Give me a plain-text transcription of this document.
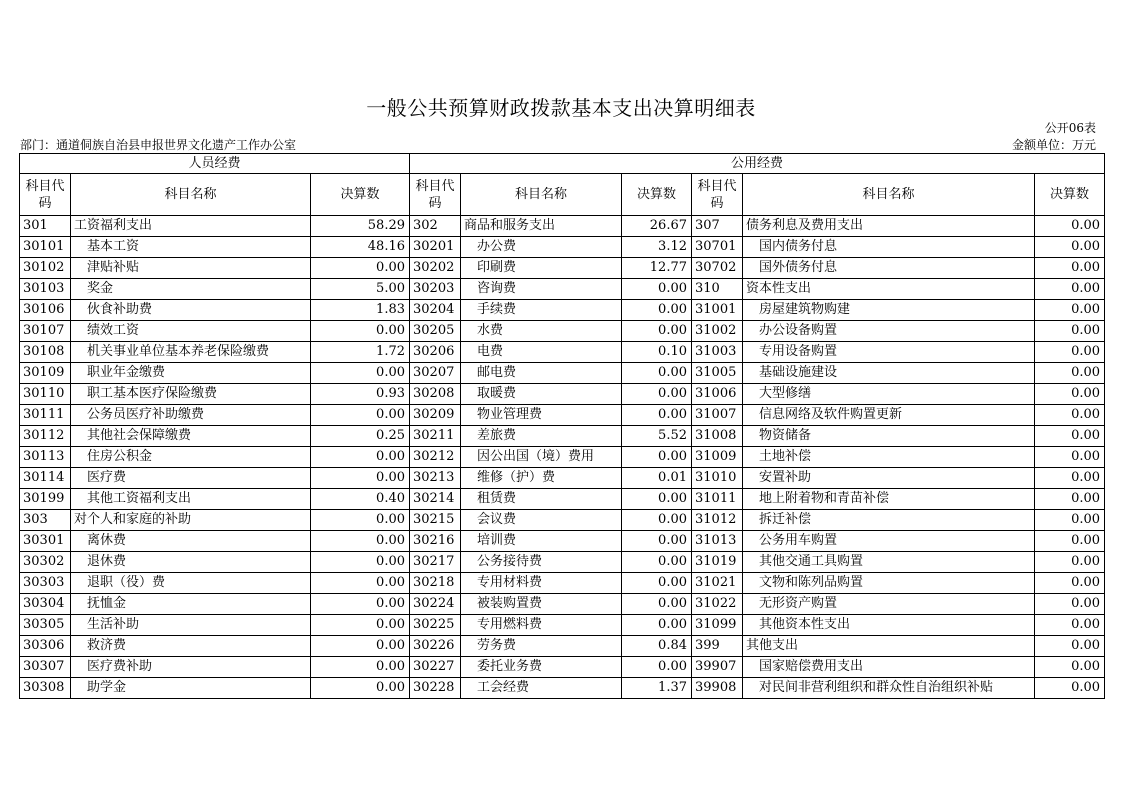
一般公共预算财政拨款基本支出决算明细表
公开06表
部门：通道侗族自治县申报世界文化遗产工作办公室	金额单位：万元
人员经费			公用经费					
科目代码	科目名称	决算数	科目代码	科目名称	决算数	科目代码	科目名称	决算数
301	工资福利支出	58.29	302	商品和服务支出	26.67	307	债务利息及费用支出	0.00
30101	基本工资	48.16	30201	办公费	3.12	30701	国内债务付息	0.00
30102	津贴补贴	0.00	30202	印刷费	12.77	30702	国外债务付息	0.00
30103	奖金	5.00	30203	咨询费	0.00	310	资本性支出	0.00
30106	伙食补助费	1.83	30204	手续费	0.00	31001	房屋建筑物购建	0.00
30107	绩效工资	0.00	30205	水费	0.00	31002	办公设备购置	0.00
30108	机关事业单位基本养老保险缴费	1.72	30206	电费	0.10	31003	专用设备购置	0.00
30109	职业年金缴费	0.00	30207	邮电费	0.00	31005	基础设施建设	0.00
30110	职工基本医疗保险缴费	0.93	30208	取暖费	0.00	31006	大型修缮	0.00
30111	公务员医疗补助缴费	0.00	30209	物业管理费	0.00	31007	信息网络及软件购置更新	0.00
30112	其他社会保障缴费	0.25	30211	差旅费	5.52	31008	物资储备	0.00
30113	住房公积金	0.00	30212	因公出国（境）费用	0.00	31009	土地补偿	0.00
30114	医疗费	0.00	30213	维修（护）费	0.01	31010	安置补助	0.00
30199	其他工资福利支出	0.40	30214	租赁费	0.00	31011	地上附着物和青苗补偿	0.00
303	对个人和家庭的补助	0.00	30215	会议费	0.00	31012	拆迁补偿	0.00
30301	离休费	0.00	30216	培训费	0.00	31013	公务用车购置	0.00
30302	退休费	0.00	30217	公务接待费	0.00	31019	其他交通工具购置	0.00
30303	退职（役）费	0.00	30218	专用材料费	0.00	31021	文物和陈列品购置	0.00
30304	抚恤金	0.00	30224	被装购置费	0.00	31022	无形资产购置	0.00
30305	生活补助	0.00	30225	专用燃料费	0.00	31099	其他资本性支出	0.00
30306	救济费	0.00	30226	劳务费	0.84	399	其他支出	0.00
30307	医疗费补助	0.00	30227	委托业务费	0.00	39907	国家赔偿费用支出	0.00
30308	助学金	0.00	30228	工会经费	1.37	39908	对民间非营利组织和群众性自治组织补贴	0.00
